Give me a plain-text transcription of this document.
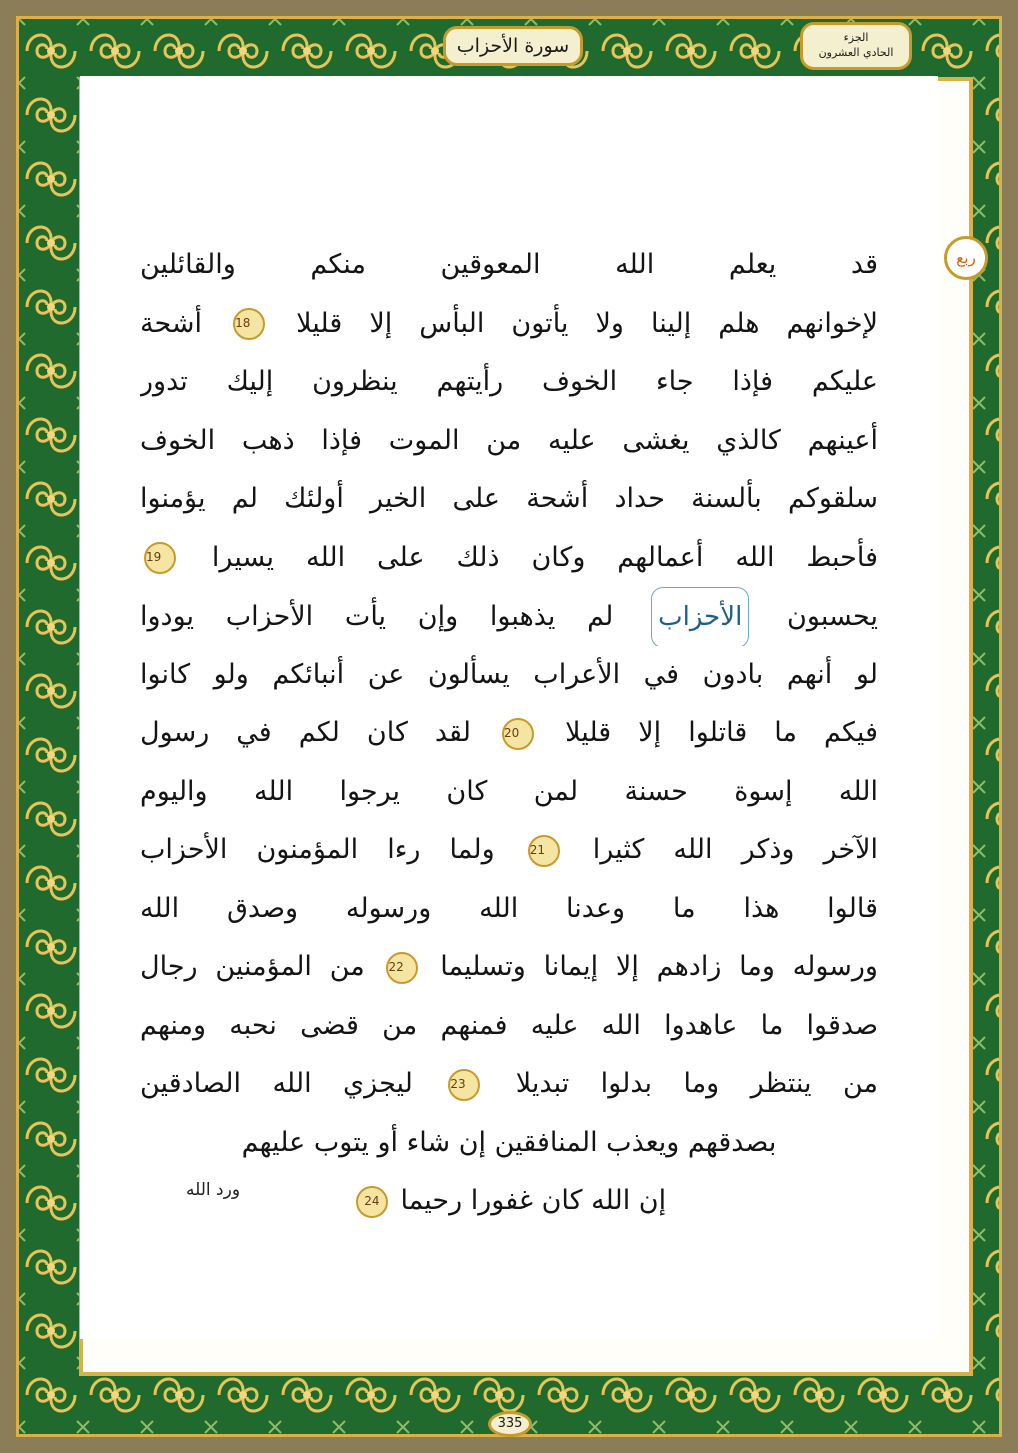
سورة الأحزاب	الجزء
الحادي العشرون
ربع
قد يعلم الله المعوقين منكم والقائلين
لإخوانهم هلم إلينا ولا يأتون البأس إلا قليلا 18 أشحة
عليكم فإذا جاء الخوف رأيتهم ينظرون إليك تدور
أعينهم كالذي يغشى عليه من الموت فإذا ذهب الخوف
سلقوكم بألسنة حداد أشحة على الخير أولئك لم يؤمنوا
فأحبط الله أعمالهم وكان ذلك على الله يسيرا 19
يحسبون الأحزاب لم يذهبوا وإن يأت الأحزاب يودوا
لو أنهم بادون في الأعراب يسألون عن أنبائكم ولو كانوا
فيكم ما قاتلوا إلا قليلا 20 لقد كان لكم في رسول
الله إسوة حسنة لمن كان يرجوا الله واليوم
الآخر وذكر الله كثيرا 21 ولما رءا المؤمنون الأحزاب
قالوا هذا ما وعدنا الله ورسوله وصدق الله
ورسوله وما زادهم إلا إيمانا وتسليما 22 من المؤمنين رجال
صدقوا ما عاهدوا الله عليه فمنهم من قضى نحبه ومنهم
من ينتظر وما بدلوا تبديلا 23 ليجزي الله الصادقين
بصدقهم ويعذب المنافقين إن شاء أو يتوب عليهم
إن الله كان غفورا رحيما 24
ورد الله
335
